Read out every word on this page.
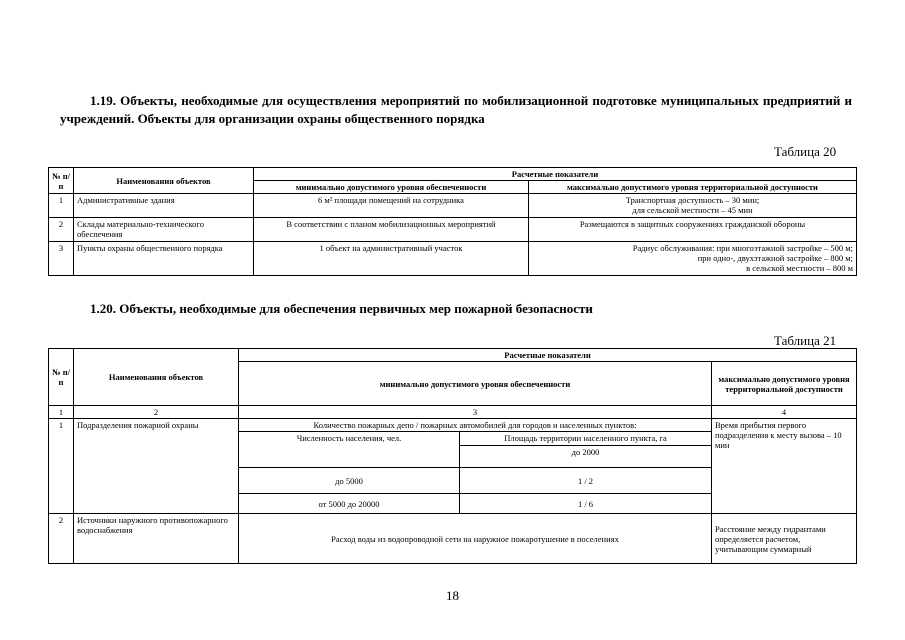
1.19. Объекты, необходимые для осуществления мероприятий по мобилизационной подготовке муниципальных предприятий и учреждений. Объекты для организации охраны общественного порядка
Таблица 20
№ п/п	Наименования объектов	Расчетные показатели	
		минимально допустимого уровня обеспеченности	максимально допустимого уровня территориальной доступности
1	Административные здания	6 м² площади помещений на сотрудника	Транспортная доступность – 30 мин;
для сельской местности – 45 мин

2	Склады материально-технического обеспечения	В соответствии с планом мобилизационных мероприятий	Размещаются в защитных сооружениях гражданской обороны

3	Пункты охраны общественного порядка	1 объект на административный участок	Радиус обслуживания: при многоэтажной застройке – 500 м;
при одно-, двухэтажной застройке – 800 м;
в сельской местности – 800 м
1.20. Объекты, необходимые для обеспечения первичных мер пожарной безопасности
Таблица 21
№ п/п	Наименования объектов	Расчетные показатели		
		минимально допустимого уровня обеспеченности		максимально допустимого уровня территориальной доступности
1	2	3		4
1	Подразделения пожарной охраны	Количество пожарных депо / пожарных автомобилей для городов и населенных пунктов:		Время прибытия первого подразделения к месту вызова – 10 мин
		Численность населения, чел.	Площадь территории населенного пункта, га	
			до 2000	
		до 5000	1 / 2	
		от 5000 до 20000	1 / 6	
2	Источники наружного противопожарного водоснабжения	Расход воды из водопроводной сети на наружное пожаротушение в поселениях		Расстояние между гидрантами определяется расчетом, учитывающим суммарный
18
